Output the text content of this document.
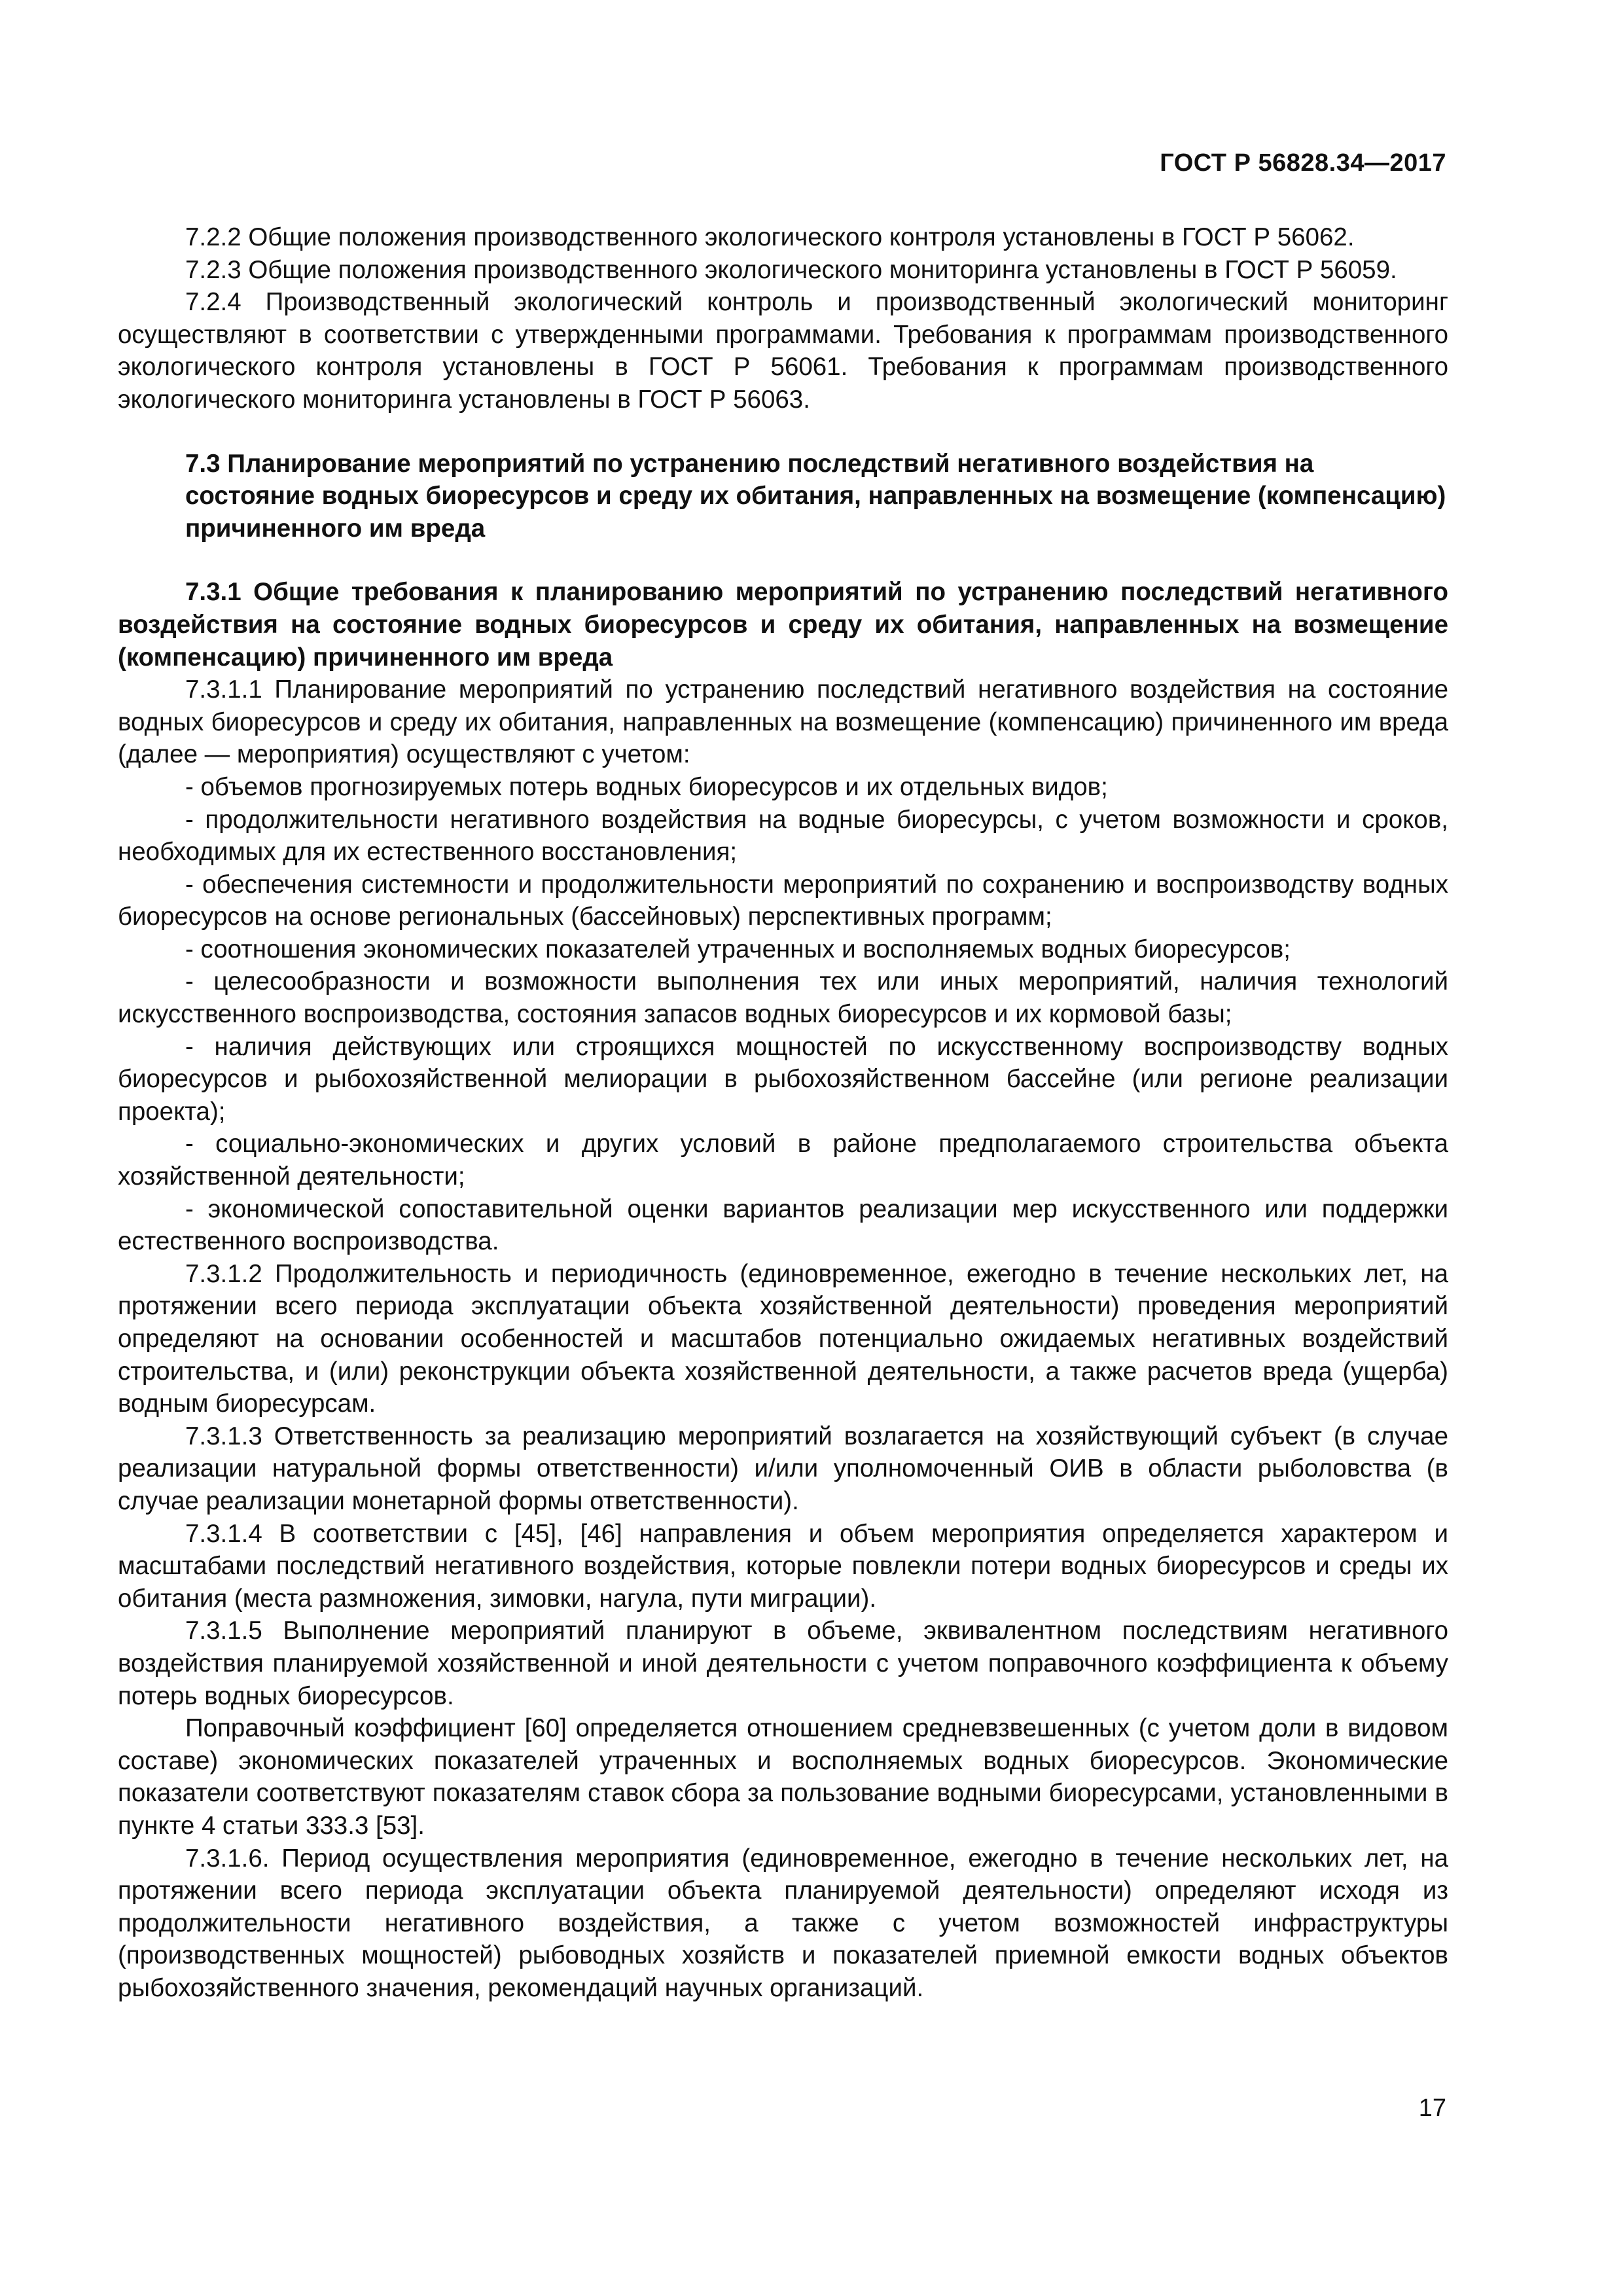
ГОСТ Р 56828.34—2017

7.2.2 Общие положения производственного экологического контроля установлены в ГОСТ Р 56062.

7.2.3 Общие положения производственного экологического мониторинга установлены в ГОСТ Р 56059.

7.2.4 Производственный экологический контроль и производственный экологический мониторинг осуществляют в соответствии с утвержденными программами. Требования к программам производственного экологического контроля установлены в ГОСТ Р 56061. Требования к программам производственного экологического мониторинга установлены в ГОСТ Р 56063.

7.3 Планирование мероприятий по устранению последствий негативного воздействия на состояние водных биоресурсов и среду их обитания, направленных на возмещение (компенсацию) причиненного им вреда

7.3.1 Общие требования к планированию мероприятий по устранению последствий негативного воздействия на состояние водных биоресурсов и среду их обитания, направленных на возмещение (компенсацию) причиненного им вреда

7.3.1.1 Планирование мероприятий по устранению последствий негативного воздействия на состояние водных биоресурсов и среду их обитания, направленных на возмещение (компенсацию) причиненного им вреда (далее — мероприятия) осуществляют с учетом:

- объемов прогнозируемых потерь водных биоресурсов и их отдельных видов;

- продолжительности негативного воздействия на водные биоресурсы, с учетом возможности и сроков, необходимых для их естественного восстановления;

- обеспечения системности и продолжительности мероприятий по сохранению и воспроизводству водных биоресурсов на основе региональных (бассейновых) перспективных программ;

- соотношения экономических показателей утраченных и восполняемых водных биоресурсов;

- целесообразности и возможности выполнения тех или иных мероприятий, наличия технологий искусственного воспроизводства, состояния запасов водных биоресурсов и их кормовой базы;

- наличия действующих или строящихся мощностей по искусственному воспроизводству водных биоресурсов и рыбохозяйственной мелиорации в рыбохозяйственном бассейне (или регионе реализации проекта);

- социально-экономических и других условий в районе предполагаемого строительства объекта хозяйственной деятельности;

- экономической сопоставительной оценки вариантов реализации мер искусственного или поддержки естественного воспроизводства.

7.3.1.2 Продолжительность и периодичность (единовременное, ежегодно в течение нескольких лет, на протяжении всего периода эксплуатации объекта хозяйственной деятельности) проведения мероприятий определяют на основании особенностей и масштабов потенциально ожидаемых негативных воздействий строительства, и (или) реконструкции объекта хозяйственной деятельности, а также расчетов вреда (ущерба) водным биоресурсам.

7.3.1.3 Ответственность за реализацию мероприятий возлагается на хозяйствующий субъект (в случае реализации натуральной формы ответственности) и/или уполномоченный ОИВ в области рыболовства (в случае реализации монетарной формы ответственности).

7.3.1.4 В соответствии с [45], [46] направления и объем мероприятия определяется характером и масштабами последствий негативного воздействия, которые повлекли потери водных биоресурсов и среды их обитания (места размножения, зимовки, нагула, пути миграции).

7.3.1.5 Выполнение мероприятий планируют в объеме, эквивалентном последствиям негативного воздействия планируемой хозяйственной и иной деятельности с учетом поправочного коэффициента к объему потерь водных биоресурсов.

Поправочный коэффициент [60] определяется отношением средневзвешенных (с учетом доли в видовом составе) экономических показателей утраченных и восполняемых водных биоресурсов. Экономические показатели соответствуют показателям ставок сбора за пользование водными биоресурсами, установленными в пункте 4 статьи 333.3 [53].

7.3.1.6. Период осуществления мероприятия (единовременное, ежегодно в течение нескольких лет, на протяжении всего периода эксплуатации объекта планируемой деятельности) определяют исходя из продолжительности негативного воздействия, а также с учетом возможностей инфраструктуры (производственных мощностей) рыбоводных хозяйств и показателей приемной емкости водных объектов рыбохозяйственного значения, рекомендаций научных организаций.

17
